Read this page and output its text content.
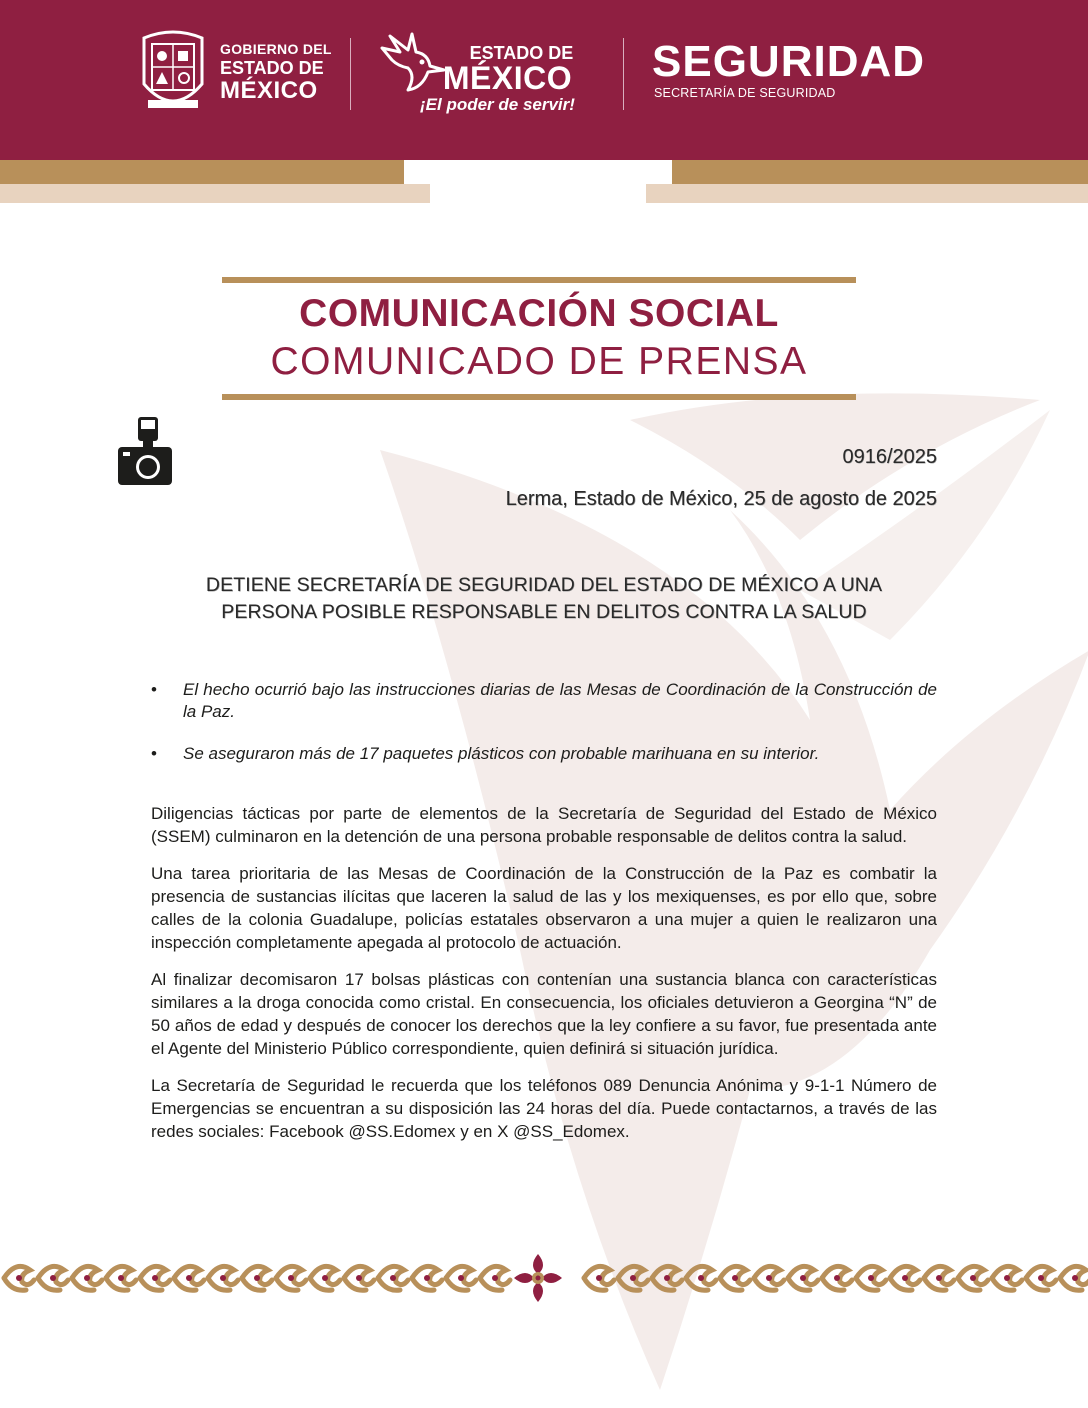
GOBIERNO DEL
ESTADO DE
MÉXICO
ESTADO DE
MÉXICO
¡El poder de servir!
SEGURIDAD
SECRETARÍA DE SEGURIDAD
COMUNICACIÓN SOCIAL
COMUNICADO DE PRENSA
0916/2025
Lerma, Estado de México, 25 de agosto de 2025
DETIENE SECRETARÍA DE SEGURIDAD DEL ESTADO DE MÉXICO A UNA
PERSONA POSIBLE RESPONSABLE EN DELITOS CONTRA LA SALUD
• El hecho ocurrió bajo las instrucciones diarias de las Mesas de Coordinación de la Construcción de la Paz.
• Se aseguraron más de 17 paquetes plásticos con probable marihuana en su interior.

Diligencias tácticas por parte de elementos de la Secretaría de Seguridad del Estado de México (SSEM) culminaron en la detención de una persona probable responsable de delitos contra la salud.

Una tarea prioritaria de las Mesas de Coordinación de la Construcción de la Paz es combatir la presencia de sustancias ilícitas que laceren la salud de las y los mexiquenses, es por ello que, sobre calles de la colonia Guadalupe, policías estatales observaron a una mujer a quien le realizaron una inspección completamente apegada al protocolo de actuación.

Al finalizar decomisaron 17 bolsas plásticas con contenían una sustancia blanca con características similares a la droga conocida como cristal. En consecuencia, los oficiales detuvieron a Georgina “N” de 50 años de edad y después de conocer los derechos que la ley confiere a su favor, fue presentada ante el Agente del Ministerio Público correspondiente, quien definirá si situación jurídica.

La Secretaría de Seguridad le recuerda que los teléfonos 089 Denuncia Anónima y 9-1-1 Número de Emergencias se encuentran a su disposición las 24 horas del día. Puede contactarnos, a través de las redes sociales: Facebook @SS.Edomex y en X @SS_Edomex.
